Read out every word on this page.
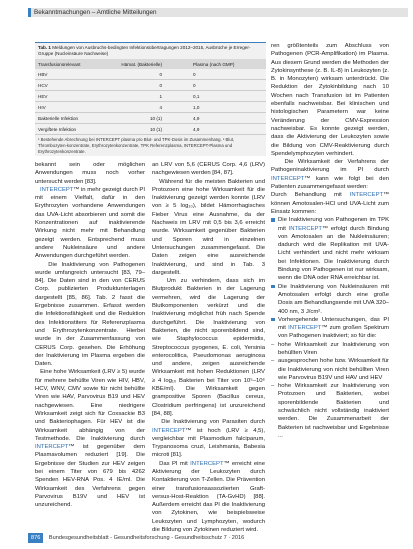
Bekanntmachungen – Amtliche Mitteilungen
Tab. 1 Meldungen von Ausbruchs-bedingten Infektionsübertragungen 2012–2015, Ausbrüche je Erreger-Gruppe (Nucleinsäure Nachweise)
Transfusionsrelevant	Hämat. (Bakterielle)	Plasma (nach GMP)
HBV	0	0
HCV	0	0
HEV	1	0,1
HIV	4	1,0
Bakterielle Infektion	10 (1)	4,9
Vergiftete Infektion	10 (1)	4,9
¹ Bestehende Abrechnung bei INTERCEPT plasma pro Blut- und TPK-Dosis im Zusammenhang. ² Blut, Thrombozyten-konzentrate, Erythrozytenkonzentrate, TPK Referenzplasma, INTERCEPT-Plasma und Erythrozytenkonzentrate.

bekannt sein oder möglichen Anwendungen muss noch vorher untersucht werden [83].

INTERCEPT™ in mehr gezeigt durch PI mit einem Vielfalt, dafür in den Erythrozyten vorhandene Anwendungen das UVA-Licht absorbieren und somit die Konzentrationen auf inaktivierende Wirkung nicht mehr mit Behandlung gezeigt werden. Entsprechend muss andere Nukleinsäure und andere Anwendungen durchgeführt werden.

Die Inaktivierung von Pathogenen wurde umfangreich untersucht [83, 79–84]. Die Daten sind in den von CERUS Corp. publizierten Produktunterlagen dargestellt [85, 86]. Tab. 2 fasst die Ergebnisse zusammen. Erfasst werden die Infektionsfähigkeit und die Reduktion des Infektionstiters für Referenzplasma und Erythrozytenkonzentrate. Hierbei wurde in der Zusammenfassung von CERUS Corp. gesehen. Die Erhöhung der Inaktivierung im Plasma ergeben die Daten.

Eine hohe Wirksamkeit (LRV ≥ 5) wurde für mehrere behüllte Viren wie HIV, HBV, HCV, WNV, CMV sowie für nicht behüllte Viren wie HAV, Parvovirus B19 und HEV nachgewiesen. Eine niedrigere Wirksamkeit zeigt sich für Coxsackie B3 und Bakteriophagen. Für HEV ist die Wirksamkeit abhängig von der Testmethode. Die Inaktivierung durch INTERCEPT™ ist gegenüber dem Plasmavolumen reduziert [19]. Die Ergebnisse der Studien zur HEV zeigen bei einem Titer von 679 bis 4262 Spenden HEV-RNA Pos. 4 IE/ml. Die Wirksamkeit des Verfahrens gegen Parvovirus B19V und HEV ist unzureichend.

an LRV von 5,6 (CERUS Corp. 4,6 (LRV) nachgewiesen werden [84, 87].

Während für die meisten Bakterien und Protozoen eine hohe Wirksamkeit für die Inaktivierung gezeigt werden konnte (LRV von ≥ 5 log₁₀), bildet Hämorrhagisches Fieber Virus eine Ausnahme, da der Nachweis im LRV mit 0,5 bis 3,6 erreicht wurde. Wirksamkeit gegenüber Bakterien und Sporen wird in einzelnen Untersuchungen zusammengefasst. Die Daten zeigen eine ausreichende Inaktivierung, und sind in Tab. 3 dargestellt.

Um zu verhindern, dass sich im Blutprodukt Bakterien in der Lagerung vermehren, wird die Lagerung der Blutkomponenten verkürzt und die Inaktivierung möglichst früh nach Spende durchgeführt. Die Inaktivierung von Bakterien, die nicht sporenbildend sind, wie Staphylococcus epidermidis, Streptococcus pyogenes, E. coli, Yersinia enterocolitica, Pseudomonas aeruginosa und andere, zeigen ausreichende Wirksamkeit mit hohen Reduktionen (LRV ≥ 4 log₁₀ Bakterien bei Titer von 10⁵–10⁶ KBE/ml). Die Wirksamkeit gegen grampositive Sporen (Bacillus cereus, Clostridium perfringens) ist unzureichend [84, 88].

Die Inaktivierung von Parasiten durch INTERCEPT™ ist hoch (LRV ≥ 4,5), vergleichbar mit Plasmodium falciparum, Trypanosoma cruzi, Leishmania, Babesia microti [81].

Das PI mit INTERCEPT™ erreicht eine Aktivierung der Leukozyten durch Kontaktierung von T-Zellen. Die Prävention einer transfusionsassoziierten Graft-versus-Host-Reaktion (TA-GvHD) [88]. Außerdem erreicht das PI die Inaktivierung von Zytokinen, wie beispielsweise Leukozyten und Lymphozyten, wodurch die Bildung von Zytokinen reduziert wird.

ren größtenteils zum Abschluss von Pathogenen (PCR-Amplifikation) im Plasma. Aus diesem Grund werden die Methoden der Zytokinsynthese (z. B. IL-8) in Leukozyten (z. B. in Monozyten) wirksam unterdrückt. Die Reduktion der Zytokinbildung nach 10 Wochen nach Transfusion ist im Patienten ebenfalls nachweisbar. Bei klinischen und histologischen Parametern war keine Veränderung der CMV-Expression nachweisbar. Es konnte gezeigt werden, dass die Aktivierung der Leukozyten sowie die Bildung von CMV-Reaktivierung durch Spendelymphozyten verhindert.

Die Wirksamkeit der Verfahrens der Pathogeninaktivierung im PI durch INTERCEPT™ kann wie folgt bei den Patienten zusammengefasst werden:

Durch Behandlung mit INTERCEPT™ können Amotosalen-HCl und UVA-Licht zum Einsatz kommen:

Die Inaktivierung von Pathogenen im TPK mit INTERCEPT™ erfolgt durch Bindung von Amotosalen an die Nukleinsäuren; dadurch wird die Replikation mit UVA-Licht verhindert und nicht mehr wirksam bei Infektionen. Die Inaktivierung durch Bindung von Pathogenen ist nur wirksam, wenn die DNA oder RNA erreichbar ist.
Die Inaktivierung von Nukleinsäuren mit Amotosalen erfolgt durch eine große Dosis am Behandlungsende mit UVA 320–400 nm, 3 J/cm².
Vorhergehende Untersuchungen, das PI mit INTERCEPT™ zum großen Spektrum von Pathogenen inaktiviert; so für die:
– hohe Wirksamkeit zur Inaktivierung von behüllten Viren
– ausgesprochen hohe bzw. Wirksamkeit für die Inaktivierung von nicht behüllten Viren wie Parvovirus B19V und HAV und HEV
– hohe Wirksamkeit zur Inaktivierung von Protozoen und Bakterien, wobei sporenbildende Bakterien und schwächlich nicht vollständig inaktiviert werden. Die Zusammenarbeit der Bakterien ist nachweisbar und Ergebnisse ...
876 Bundesgesundheitsblatt - Gesundheitsforschung - Gesundheitsschutz 7 · 2016
